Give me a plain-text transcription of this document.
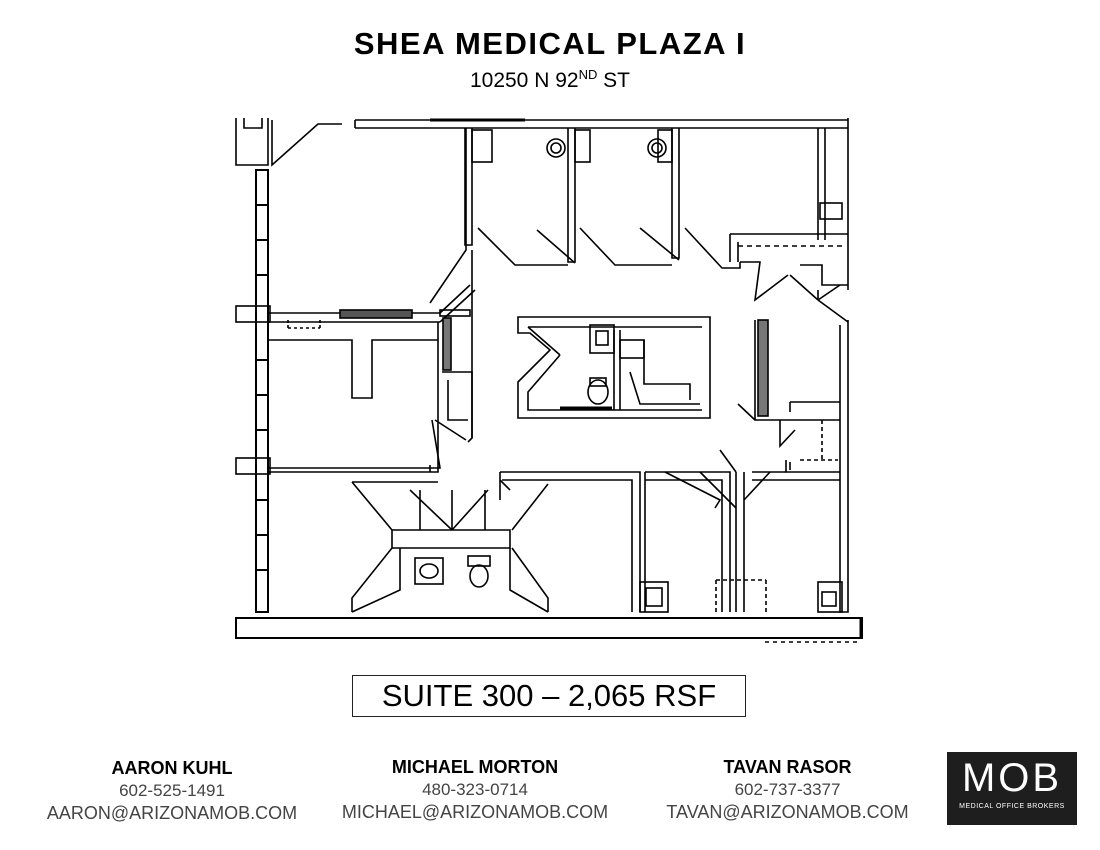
SHEA MEDICAL PLAZA I
10250 N 92ND ST
SUITE 300 – 2,065 RSF
AARON KUHL
602-525-1491
AARON@ARIZONAMOB.COM
MICHAEL MORTON
480-323-0714
MICHAEL@ARIZONAMOB.COM
TAVAN RASOR
602-737-3377
TAVAN@ARIZONAMOB.COM
MOB
MEDICAL OFFICE BROKERS
